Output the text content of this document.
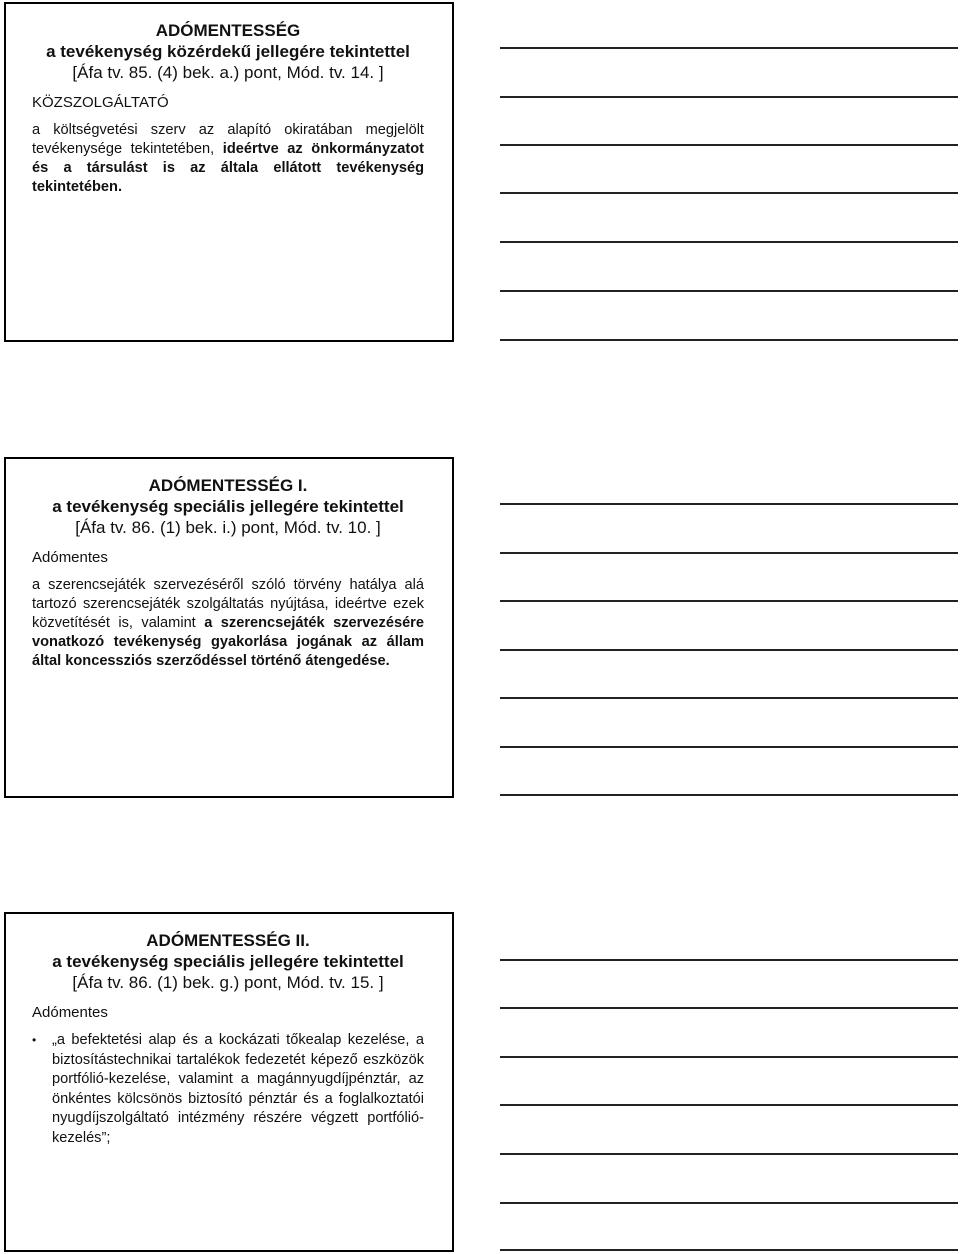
ADÓMENTESSÉG
a tevékenység közérdekű jellegére tekintettel
[Áfa tv. 85. (4) bek. a.) pont, Mód. tv. 14. ]
KÖZSZOLGÁLTATÓ
a költségvetési szerv az alapító okiratában megjelölt tevékenysége tekintetében, ideértve az önkormányzatot és a társulást is az általa ellátott tevékenység tekintetében.
ADÓMENTESSÉG I.
a tevékenység speciális jellegére tekintettel
[Áfa tv. 86. (1) bek. i.) pont, Mód. tv. 10. ]
Adómentes
a szerencsejáték szervezéséről szóló törvény hatálya alá tartozó szerencsejáték szolgáltatás nyújtása, ideértve ezek közvetítését is, valamint a szerencsejáték szervezésére vonatkozó tevékenység gyakorlása jogának az állam által koncessziós szerződéssel történő átengedése.
ADÓMENTESSÉG II.
a tevékenység speciális jellegére tekintettel
[Áfa tv. 86. (1) bek. g.) pont, Mód. tv. 15. ]
Adómentes
•	„a befektetési alap és a kockázati tőkealap kezelése, a biztosítástechnikai tartalékok fedezetét képező eszközök portfólió-kezelése, valamint a magánnyugdíjpénztár, az önkéntes kölcsönös biztosító pénztár és a foglalkoztatói nyugdíjszolgáltató intézmény részére végzett portfólió-kezelés”;
